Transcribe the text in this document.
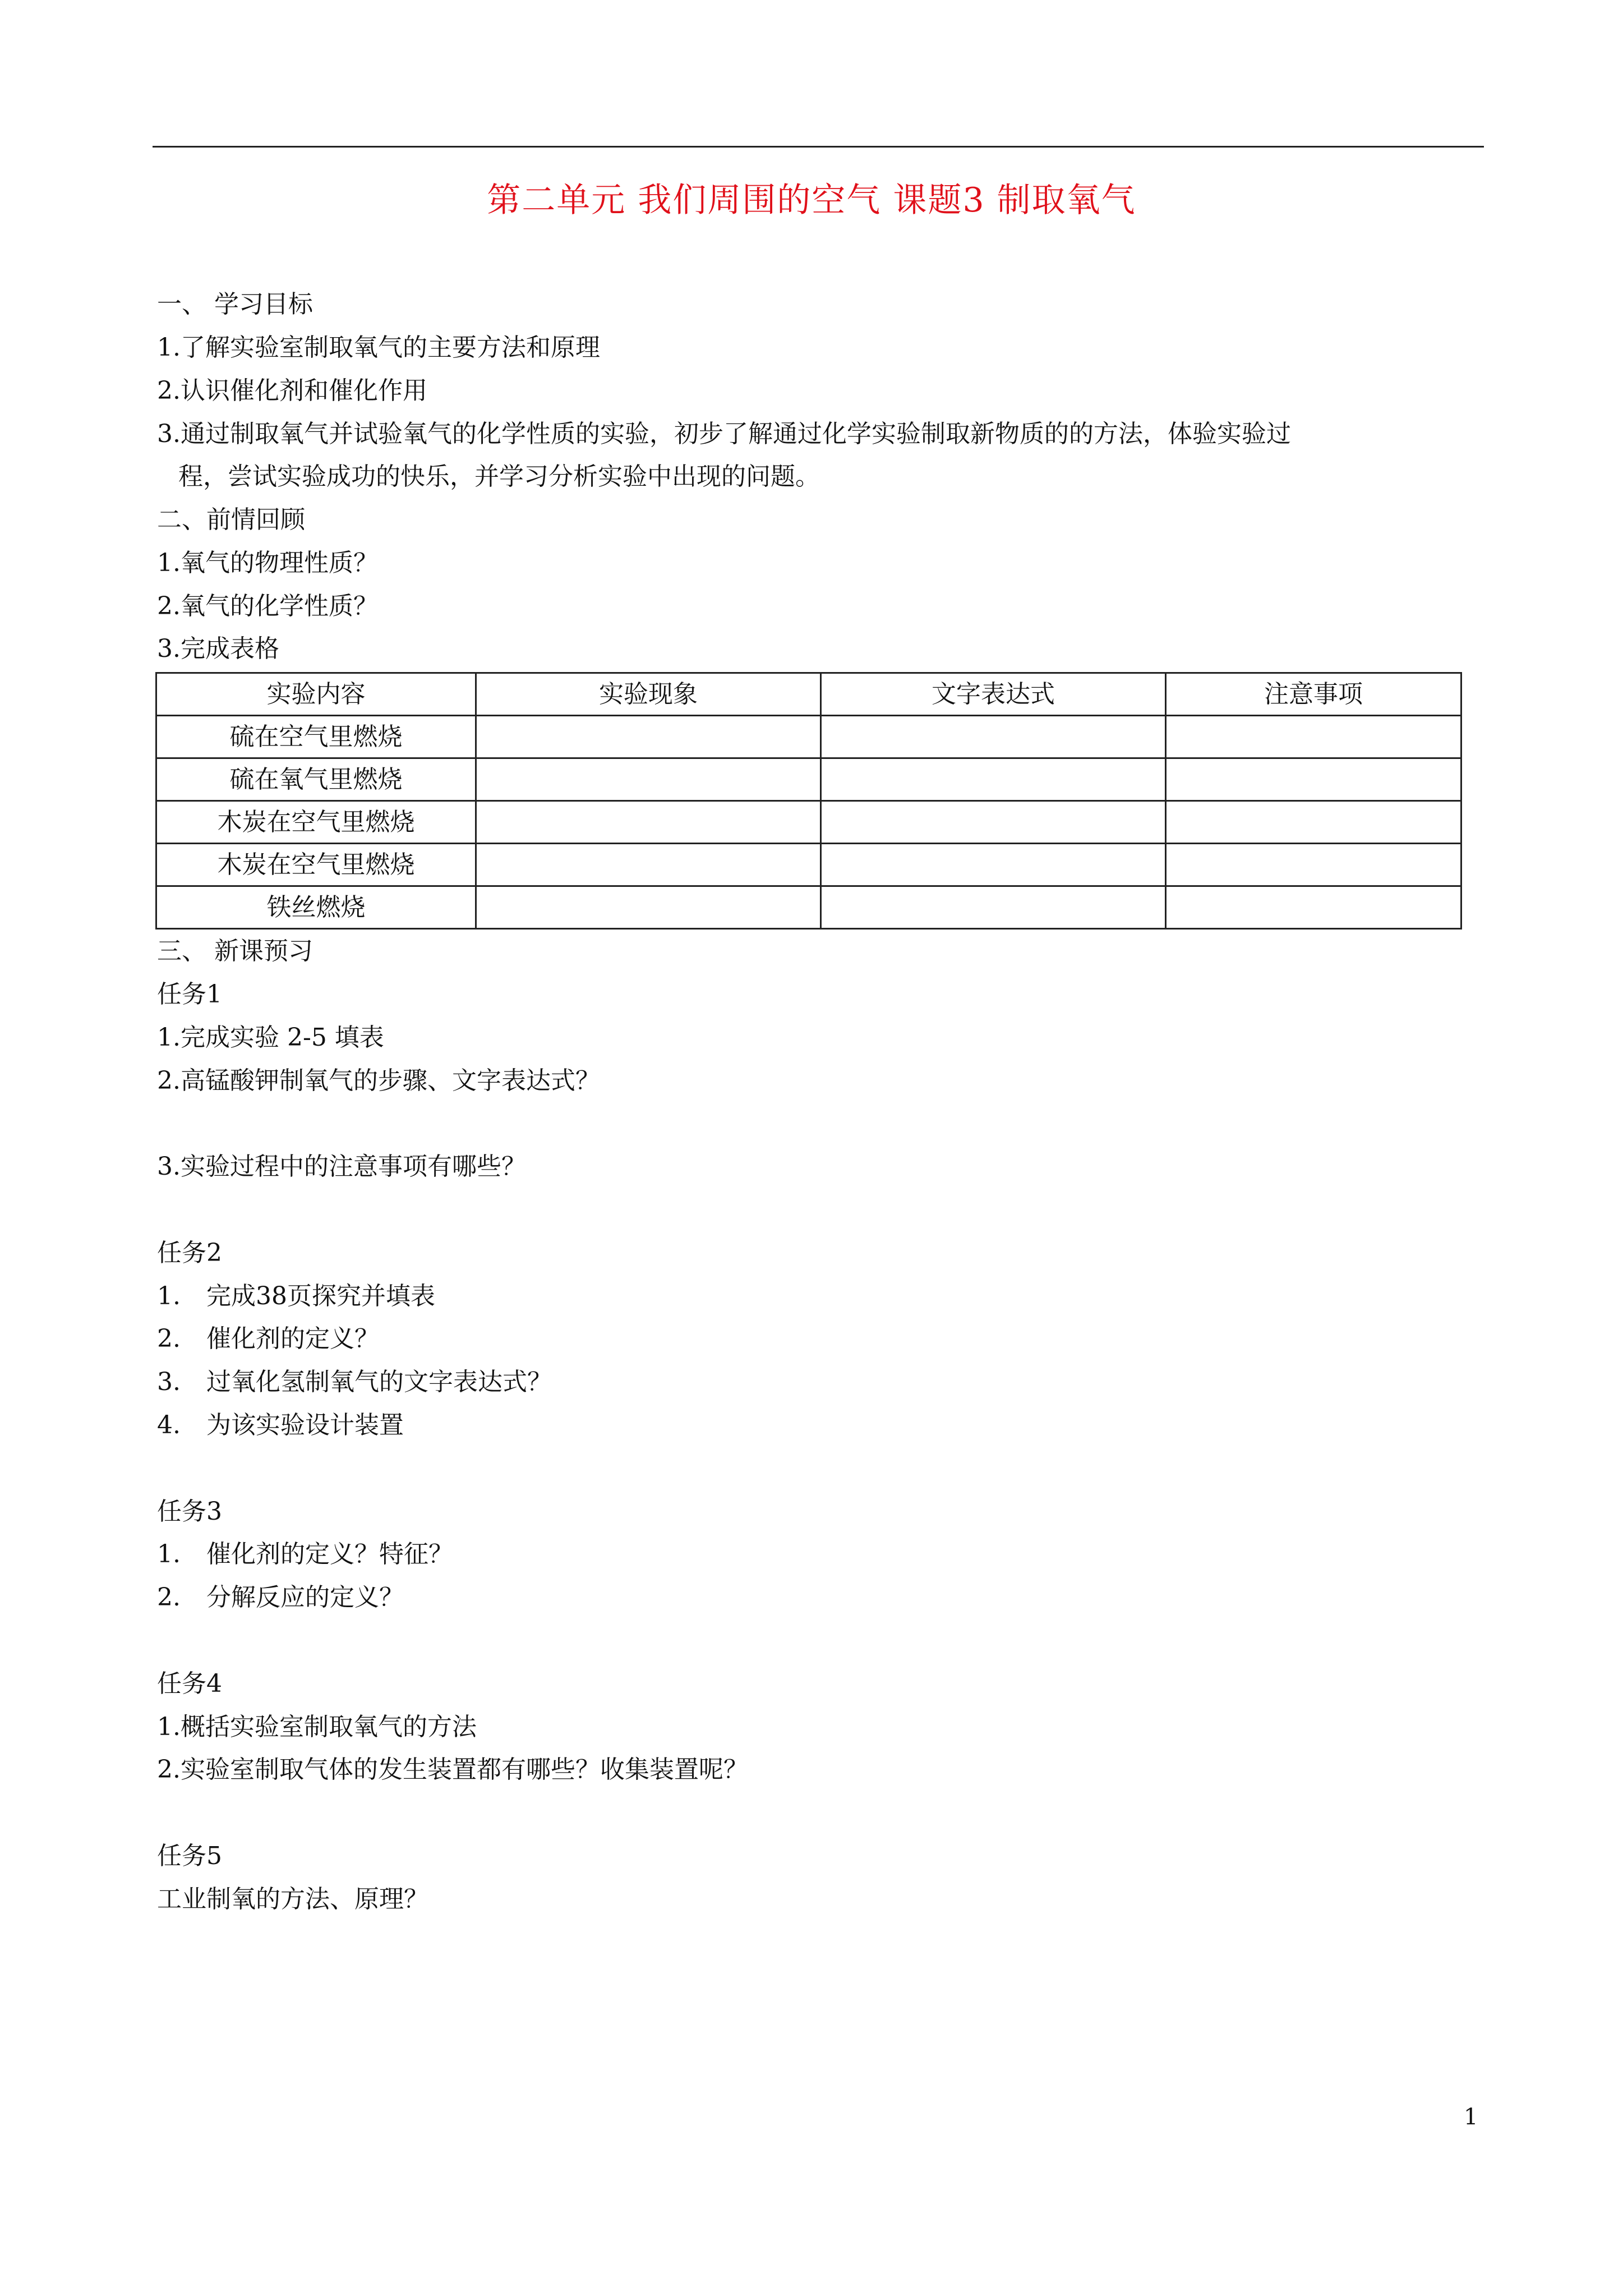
第二单元 我们周围的空气 课题3 制取氧气
一、 学习目标
1.了解实验室制取氧气的主要方法和原理
2.认识催化剂和催化作用
3.通过制取氧气并试验氧气的化学性质的实验，初步了解通过化学实验制取新物质的的方法，体验实验过
程，尝试实验成功的快乐，并学习分析实验中出现的问题。
二、前情回顾
1.氧气的物理性质？
2.氧气的化学性质？
3.完成表格
实验内容	实验现象	文字表达式	注意事项
硫在空气里燃烧			
硫在氧气里燃烧			
木炭在空气里燃烧			
木炭在空气里燃烧			
铁丝燃烧			
三、 新课预习
任务1
1.完成实验 2-5 填表
2.高锰酸钾制氧气的步骤、文字表达式？
3.实验过程中的注意事项有哪些？
任务2
1. 完成38页探究并填表
2. 催化剂的定义？
3. 过氧化氢制氧气的文字表达式？
4. 为该实验设计装置
任务3
1. 催化剂的定义？特征？
2. 分解反应的定义？
任务4
1.概括实验室制取氧气的方法
2.实验室制取气体的发生装置都有哪些？收集装置呢？
任务5
工业制氧的方法、原理？
1
